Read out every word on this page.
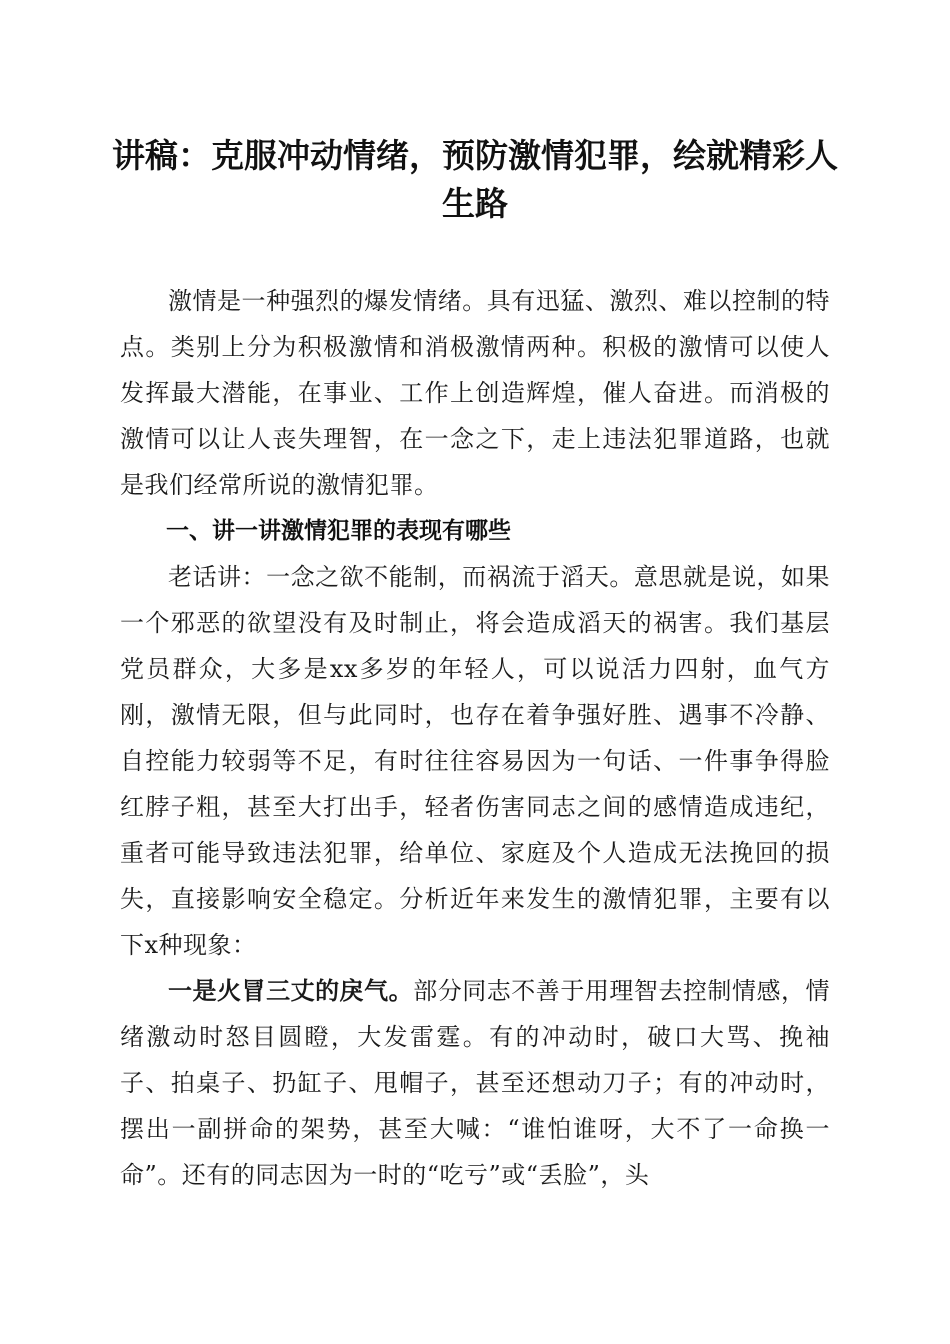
讲稿：克服冲动情绪，预防激情犯罪，绘就精彩人生路

激情是一种强烈的爆发情绪。具有迅猛、激烈、难以控制的特点。类别上分为积极激情和消极激情两种。积极的激情可以使人发挥最大潜能，在事业、工作上创造辉煌，催人奋进。而消极的激情可以让人丧失理智，在一念之下，走上违法犯罪道路，也就是我们经常所说的激情犯罪。

一、讲一讲激情犯罪的表现有哪些

老话讲：一念之欲不能制，而祸流于滔天。意思就是说，如果一个邪恶的欲望没有及时制止，将会造成滔天的祸害。我们基层党员群众，大多是xx多岁的年轻人，可以说活力四射，血气方刚，激情无限，但与此同时，也存在着争强好胜、遇事不冷静、自控能力较弱等不足，有时往往容易因为一句话、一件事争得脸红脖子粗，甚至大打出手，轻者伤害同志之间的感情造成违纪，重者可能导致违法犯罪，给单位、家庭及个人造成无法挽回的损失，直接影响安全稳定。分析近年来发生的激情犯罪，主要有以下x种现象：

一是火冒三丈的戾气。部分同志不善于用理智去控制情感，情绪激动时怒目圆瞪，大发雷霆。有的冲动时，破口大骂、挽袖子、拍桌子、扔缸子、甩帽子，甚至还想动刀子；有的冲动时，摆出一副拼命的架势，甚至大喊：“谁怕谁呀，大不了一命换一命”。还有的同志因为一时的“吃亏”或“丢脸”，头
